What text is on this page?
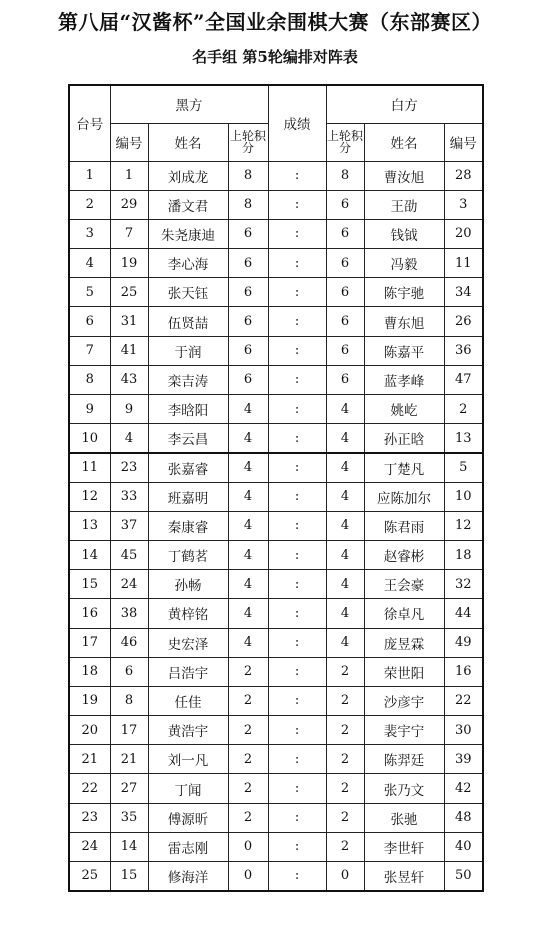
第八届“汉酱杯”全国业余围棋大赛（东部赛区）
名手组 第5轮编排对阵表
台号	黑方			成绩	白方		
	编号	姓名	上轮积分		上轮积分	姓名	编号
1	1	刘成龙	8	:	8	曹汝旭	28
2	29	潘文君	8	:	6	王劭	3
3	7	朱尧康迪	6	:	6	钱钺	20
4	19	李心海	6	:	6	冯毅	11
5	25	张天钰	6	:	6	陈宇驰	34
6	31	伍贤喆	6	:	6	曹东旭	26
7	41	于润	6	:	6	陈嘉平	36
8	43	栾吉涛	6	:	6	蓝孝峰	47
9	9	李晗阳	4	:	4	姚屹	2
10	4	李云昌	4	:	4	孙正晗	13
11	23	张嘉睿	4	:	4	丁楚凡	5
12	33	班嘉明	4	:	4	应陈加尔	10
13	37	秦康睿	4	:	4	陈君雨	12
14	45	丁鹤茗	4	:	4	赵睿彬	18
15	24	孙畅	4	:	4	王会豪	32
16	38	黄梓铭	4	:	4	徐卓凡	44
17	46	史宏泽	4	:	4	庞昱霖	49
18	6	吕浩宇	2	:	2	荣世阳	16
19	8	任佳	2	:	2	沙彦宇	22
20	17	黄浩宇	2	:	2	裴宇宁	30
21	21	刘一凡	2	:	2	陈羿廷	39
22	27	丁闻	2	:	2	张乃文	42
23	35	傅源昕	2	:	2	张驰	48
24	14	雷志刚	0	:	2	李世轩	40
25	15	修海洋	0	:	0	张昱轩	50
